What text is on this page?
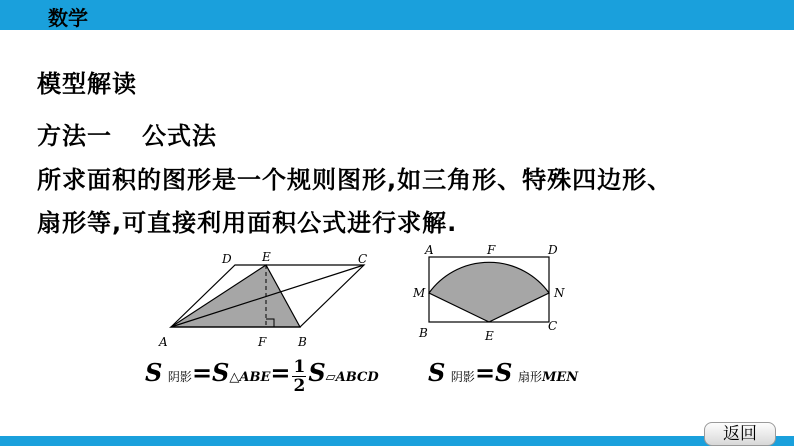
数学
模型解读
方法一 公式法
所求面积的图形是一个规则图形,如三角形、特殊四边形、
扇形等,可直接利用面积公式进行求解.
A	F	B
D	E	C
A	F	D
M	N
B	E
C
S 阴影=S△ABE= $\frac{1}{2}$ S▱ABCD S 阴影=S 扇形MEN
返回
